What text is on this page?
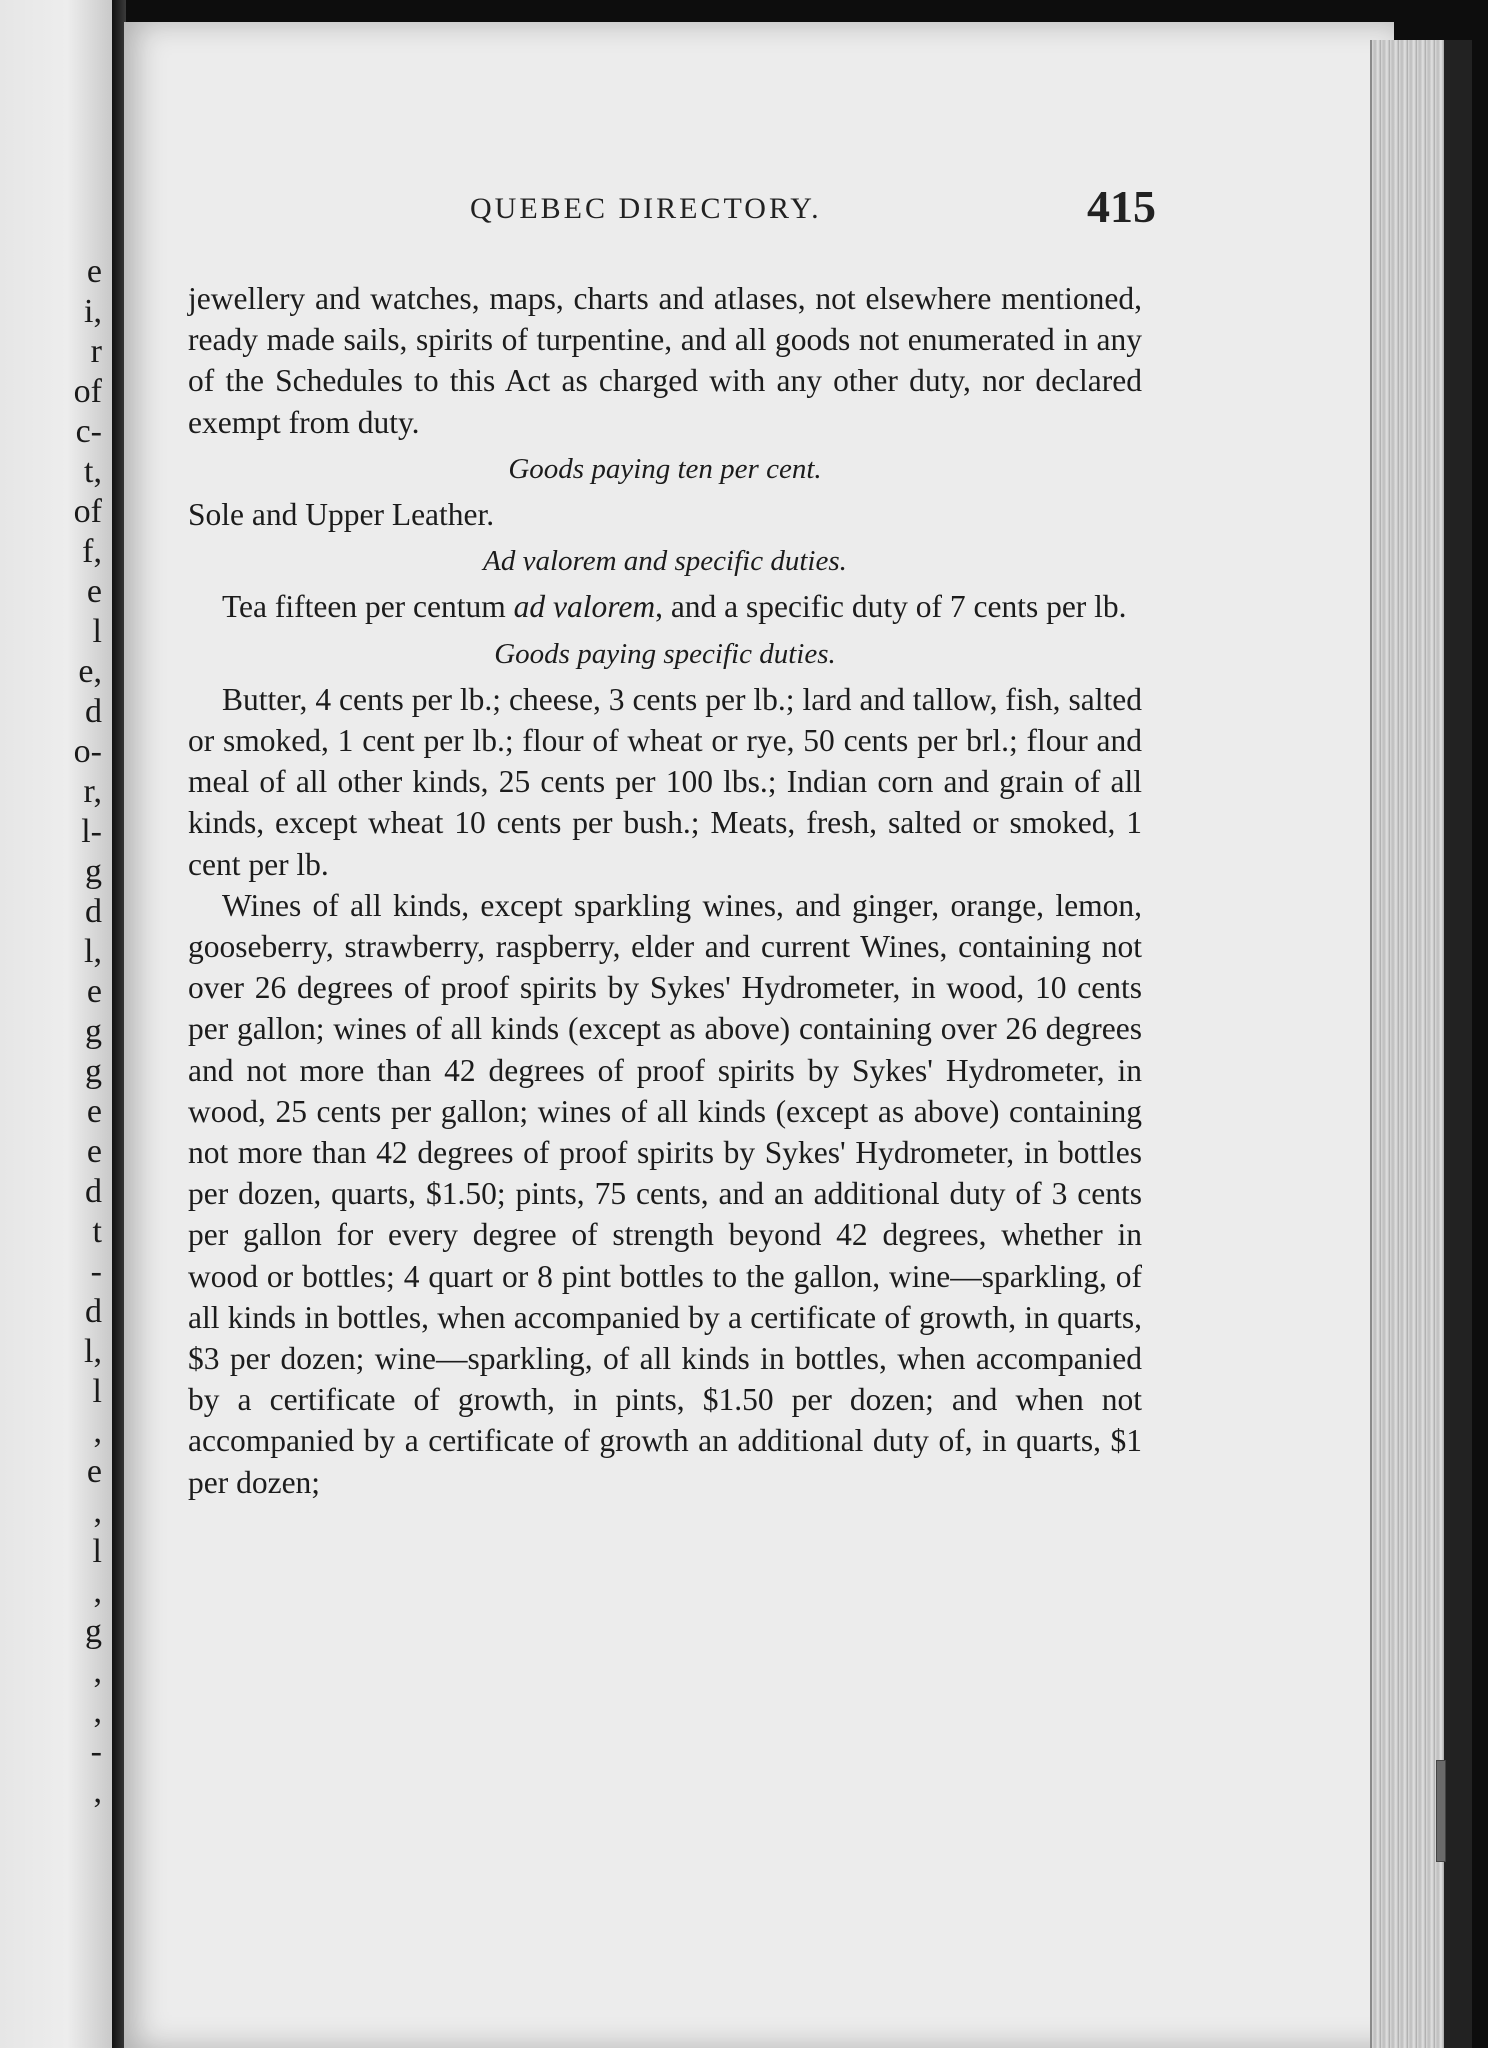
e
i,
r
of
c-
t,
of
f,
e
l
e,
d
o-
r,
l-
g
d
l,
e
g
g
e
e
d
t
-
d
l,
l
,
e
,
l
,
g
,
,
-
,
QUEBEC DIRECTORY.	415

jewellery and watches, maps, charts and atlases, not elsewhere mentioned, ready made sails, spirits of turpentine, and all goods not enumerated in any of the Schedules to this Act as charged with any other duty, nor declared exempt from duty.

Goods paying ten per cent.

Sole and Upper Leather.

Ad valorem and specific duties.

Tea fifteen per centum ad valorem, and a specific duty of 7 cents per lb.

Goods paying specific duties.

Butter, 4 cents per lb.; cheese, 3 cents per lb.; lard and tallow, fish, salted or smoked, 1 cent per lb.; flour of wheat or rye, 50 cents per brl.; flour and meal of all other kinds, 25 cents per 100 lbs.; Indian corn and grain of all kinds, except wheat 10 cents per bush.; Meats, fresh, salted or smoked, 1 cent per lb.

Wines of all kinds, except sparkling wines, and ginger, orange, lemon, gooseberry, strawberry, raspberry, elder and current Wines, containing not over 26 degrees of proof spirits by Sykes' Hydrometer, in wood, 10 cents per gallon; wines of all kinds (except as above) containing over 26 degrees and not more than 42 degrees of proof spirits by Sykes' Hydrometer, in wood, 25 cents per gallon; wines of all kinds (except as above) containing not more than 42 degrees of proof spirits by Sykes' Hydrometer, in bottles per dozen, quarts, $1.50; pints, 75 cents, and an additional duty of 3 cents per gallon for every degree of strength beyond 42 degrees, whether in wood or bottles; 4 quart or 8 pint bottles to the gallon, wine—sparkling, of all kinds in bottles, when accompanied by a certificate of growth, in quarts, $3 per dozen; wine—sparkling, of all kinds in bottles, when accompanied by a certificate of growth, in pints, $1.50 per dozen; and when not accompanied by a certificate of growth an additional duty of, in quarts, $1 per dozen;
